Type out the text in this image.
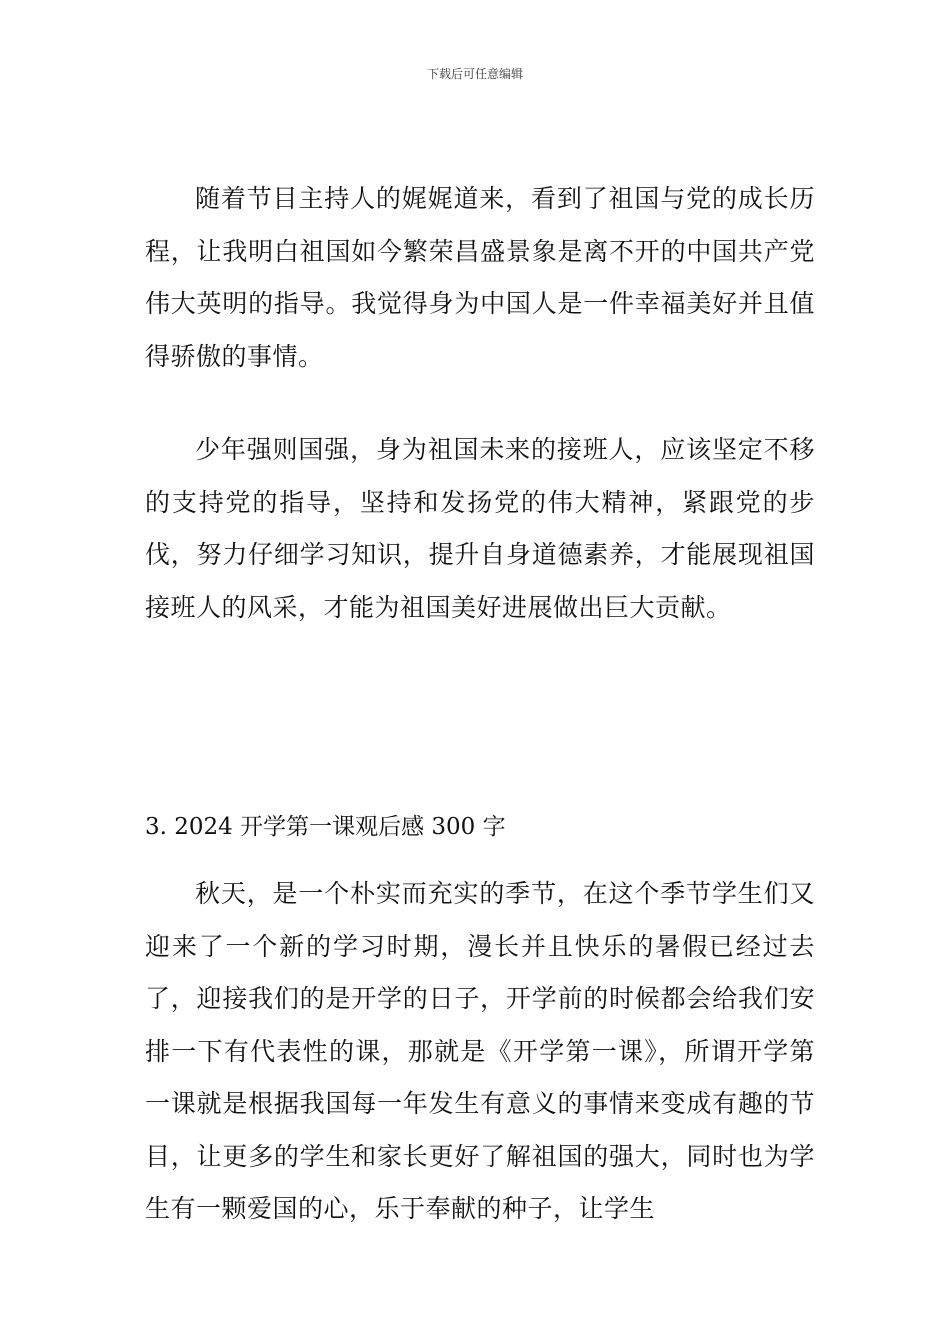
下载后可任意编辑

随着节目主持人的娓娓道来，看到了祖国与党的成长历程，让我明白祖国如今繁荣昌盛景象是离不开的中国共产党伟大英明的指导。我觉得身为中国人是一件幸福美好并且值得骄傲的事情。

少年强则国强，身为祖国未来的接班人，应该坚定不移的支持党的指导，坚持和发扬党的伟大精神，紧跟党的步伐，努力仔细学习知识，提升自身道德素养，才能展现祖国接班人的风采，才能为祖国美好进展做出巨大贡献。

3. 2024 开学第一课观后感 300 字

秋天，是一个朴实而充实的季节，在这个季节学生们又迎来了一个新的学习时期，漫长并且快乐的暑假已经过去了，迎接我们的是开学的日子，开学前的时候都会给我们安排一下有代表性的课，那就是《开学第一课》，所谓开学第一课就是根据我国每一年发生有意义的事情来变成有趣的节目，让更多的学生和家长更好了解祖国的强大，同时也为学生有一颗爱国的心，乐于奉献的种子，让学生
